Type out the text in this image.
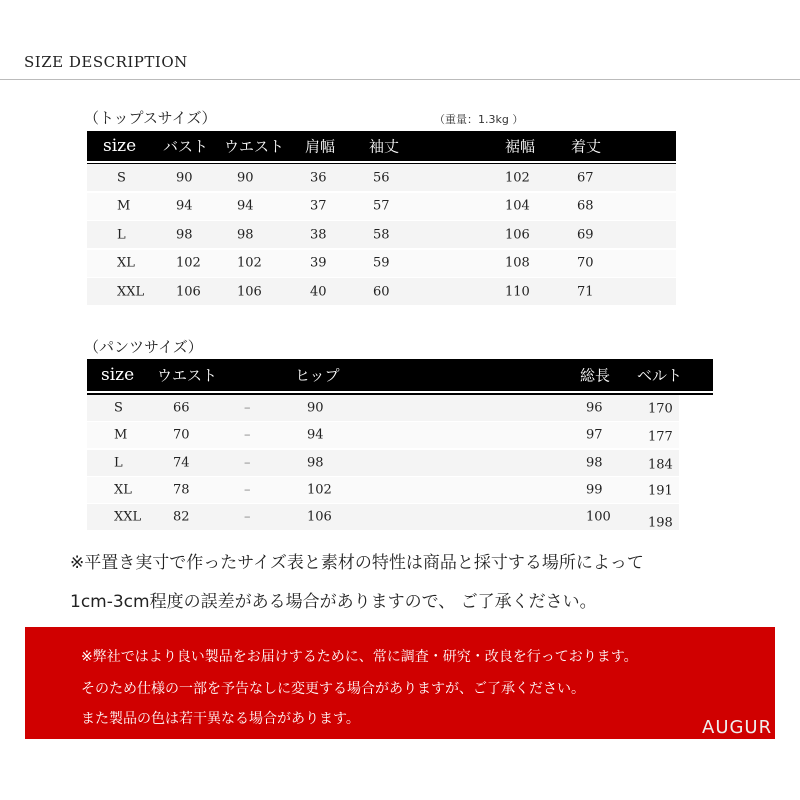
SIZE DESCRIPTION
（トップスサイズ）	（重量：1.3kg ）
size バスト ウエスト 肩幅 袖丈	裾幅 着丈
S	90	90	36	56	102	67
M	94	94	37	57	104	68
L	98	98	38	58	106	69
XL	102	102	39	59	108	70
XXL 106	106	40	60	110	71
（パンツサイズ）
size ウエスト	ヒップ	総長 ベルト
S	66	–	90	96	170
M	70	–	94	97	177
L	74	–	98	98	184
XL	78	–	102	99	191
XXL 82	–	106	100	198
※平置き実寸で作ったサイズ表と素材の特性は商品と採寸する場所によって
1cm-3cm程度の誤差がある場合がありますので、 ご了承ください。
※弊社ではより良い製品をお届けするために、常に調査・研究・改良を行っております。
そのため仕様の一部を予告なしに変更する場合がありますが、ご了承ください。
また製品の色は若干異なる場合があります。	AUGUR
